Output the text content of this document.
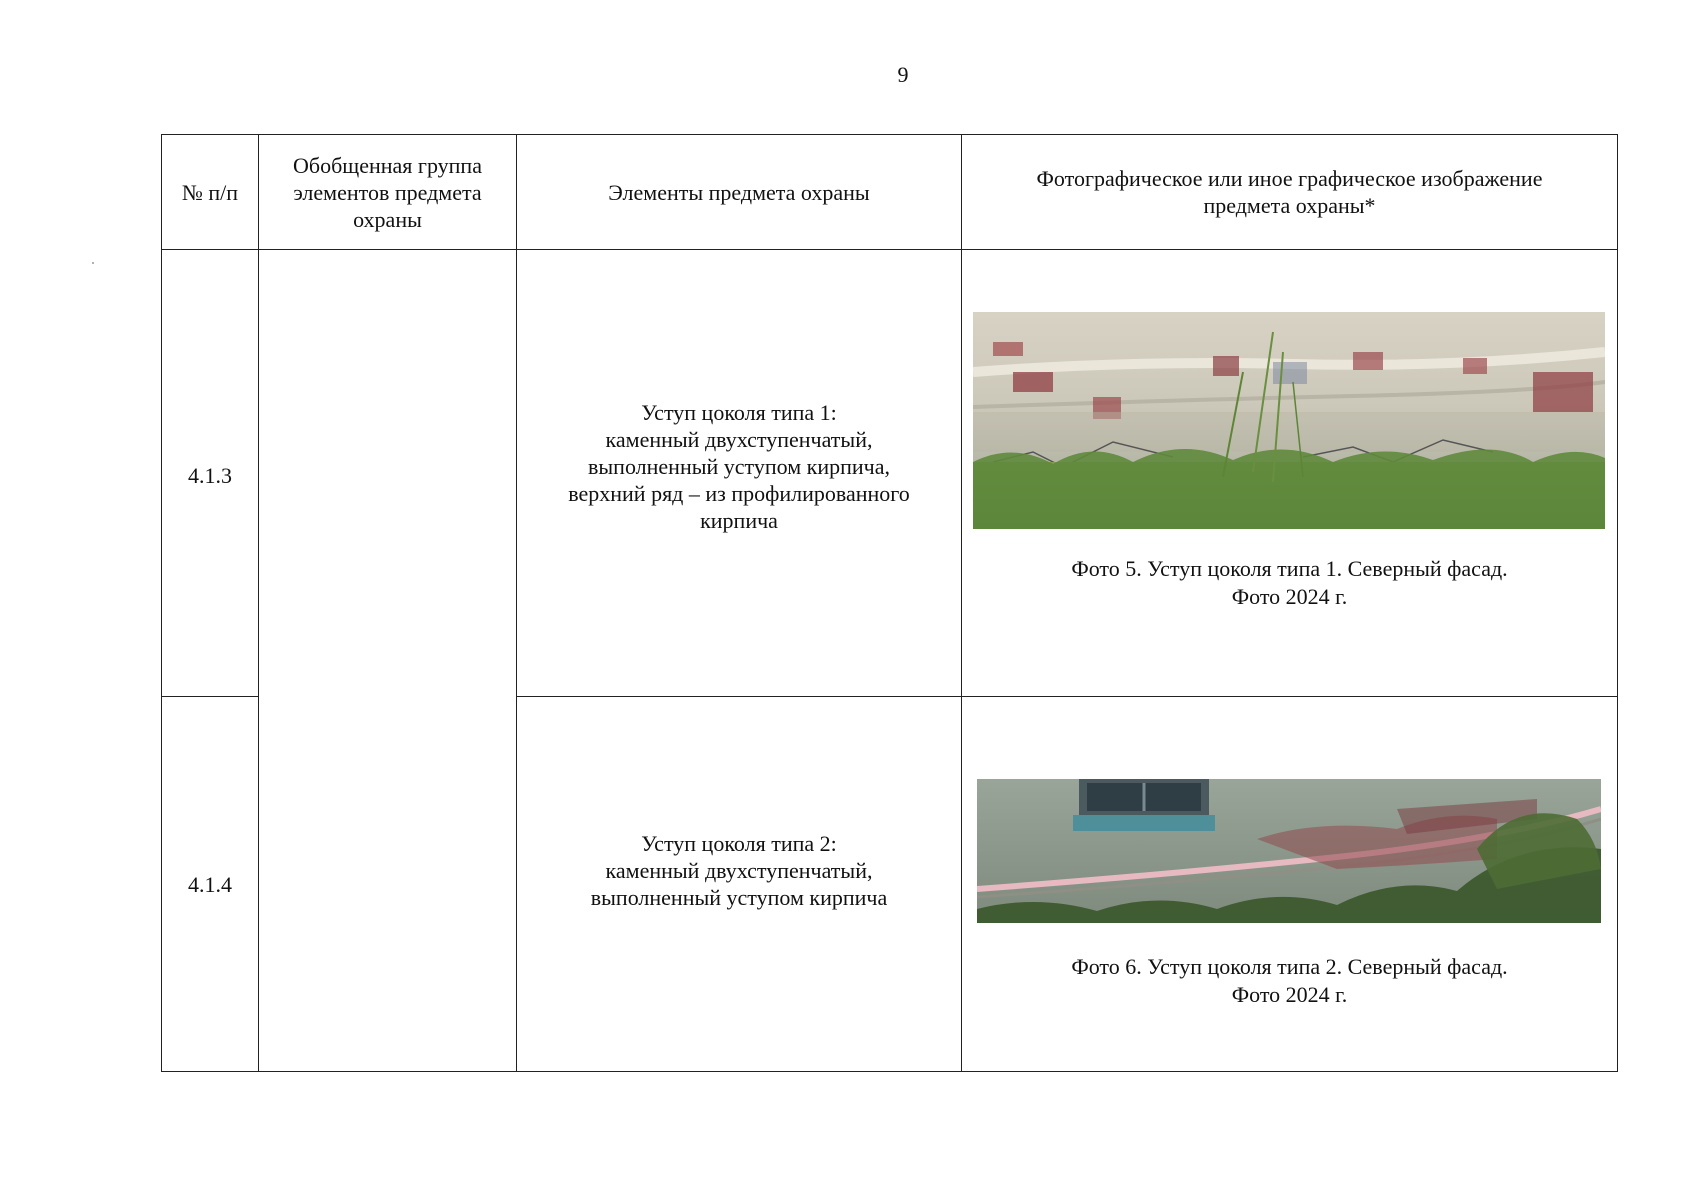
9
№ п/п	Обобщенная группа элементов предмета охраны	Элементы предмета охраны	Фотографическое или иное графическое изображение предмета охраны*

4.1.3		Уступ цоколя типа 1:
каменный двухступенчатый,
выполненный уступом кирпича,
верхний ряд – из профилированного
кирпича	Фото 5. Уступ цоколя типа 1. Северный фасад.
Фото 2024 г.

4.1.4		Уступ цоколя типа 2:
каменный двухступенчатый,
выполненный уступом кирпича	Фото 6. Уступ цоколя типа 2. Северный фасад.
Фото 2024 г.
